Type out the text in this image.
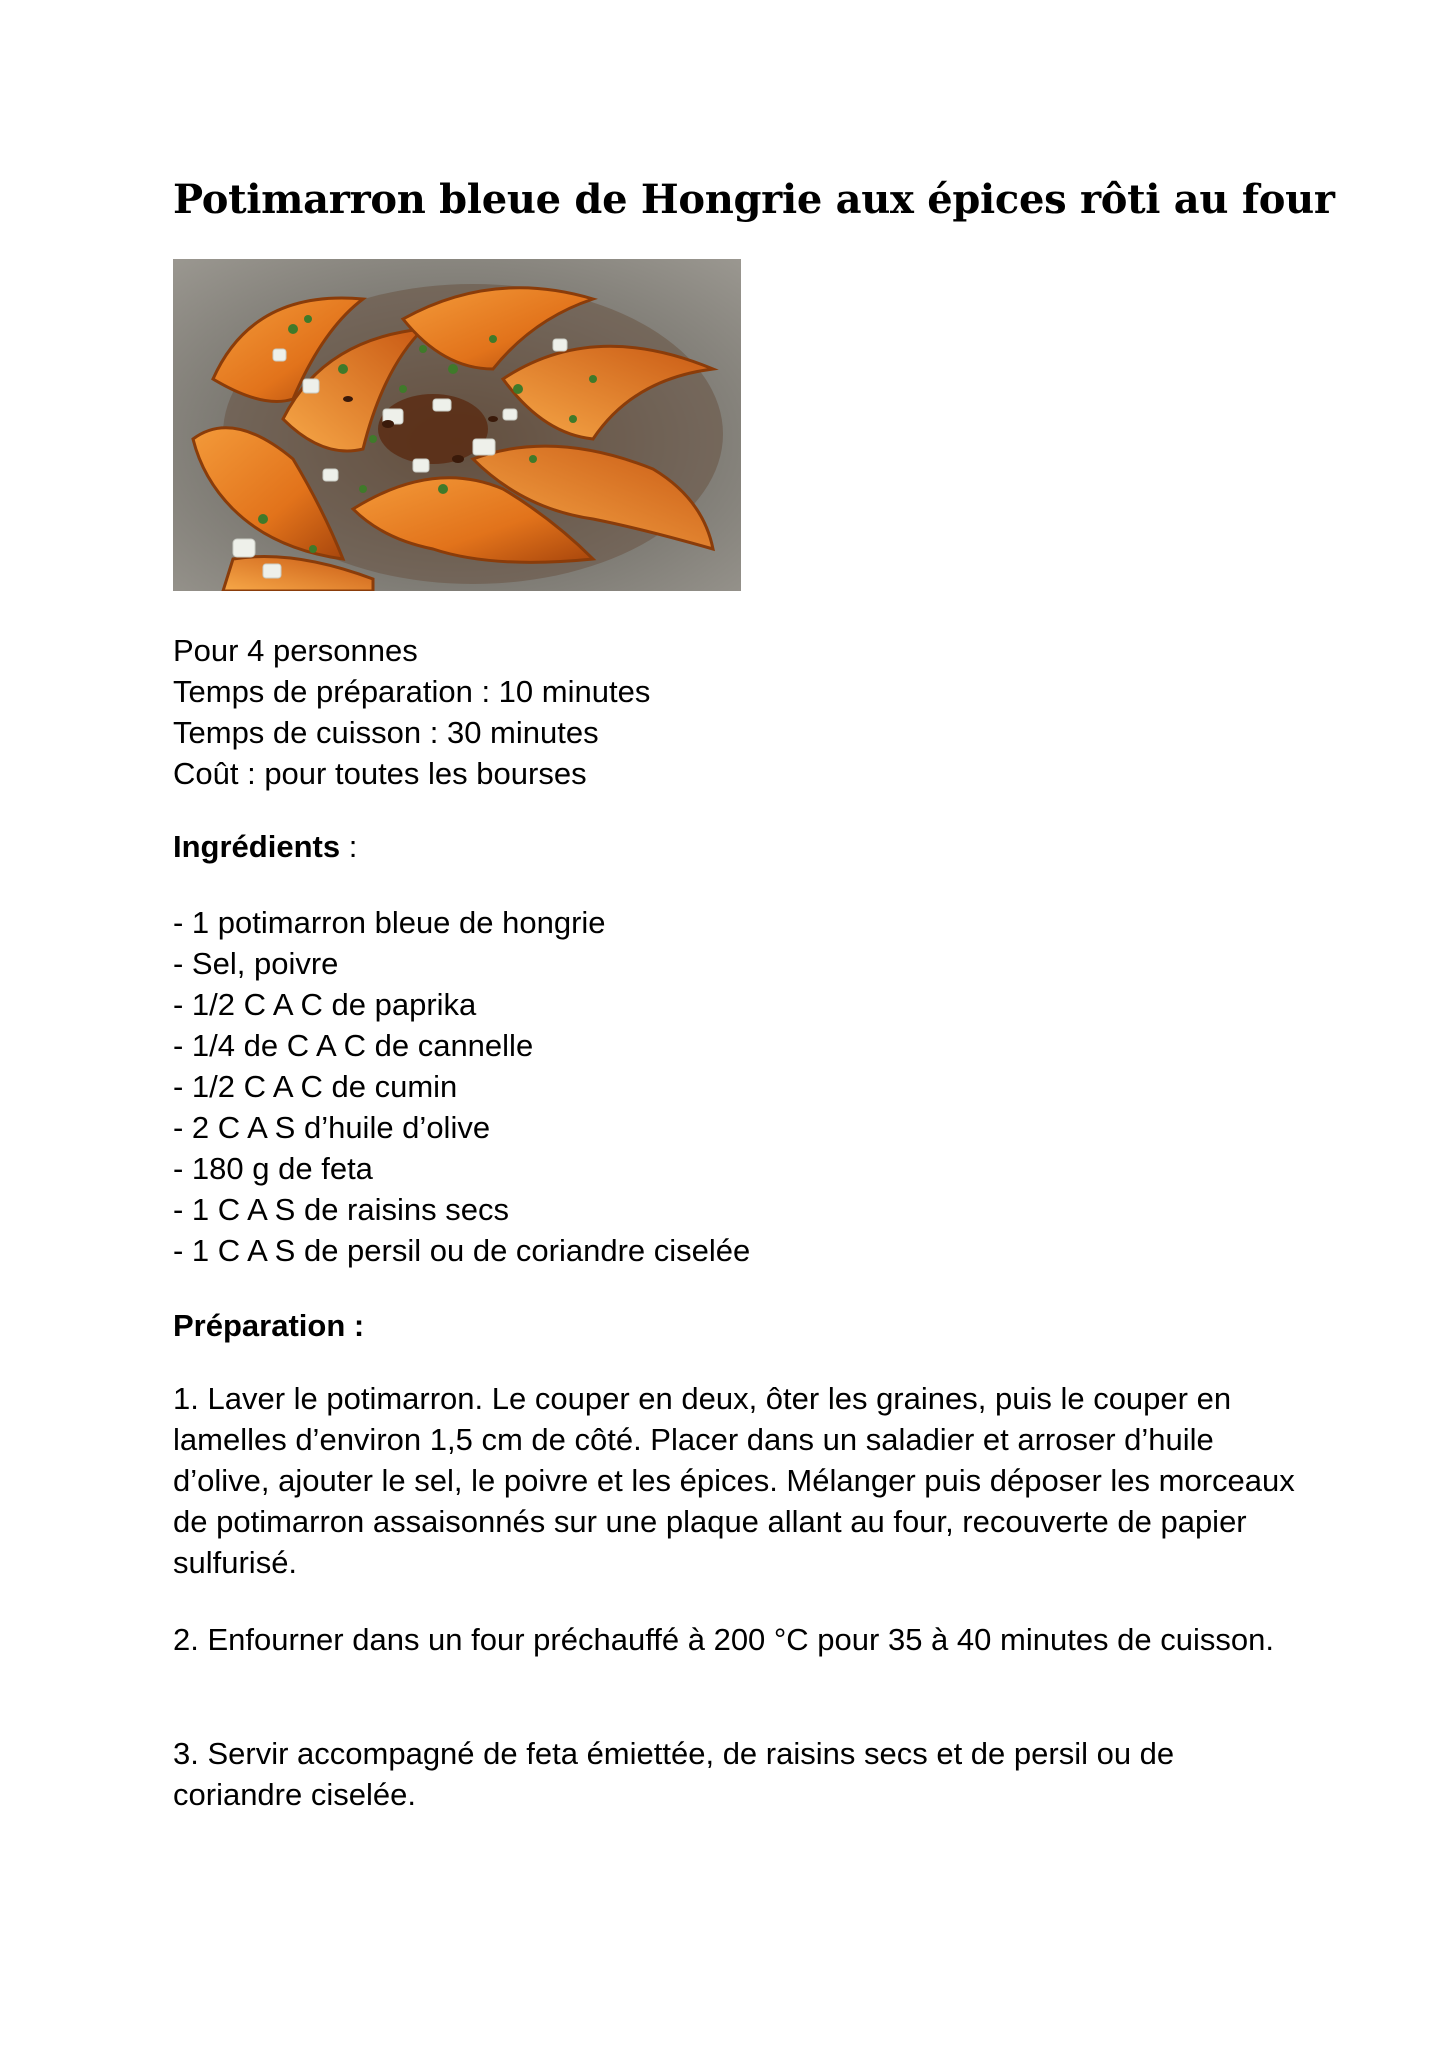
Potimarron bleue de Hongrie aux épices rôti au four
Pour 4 personnes
Temps de préparation : 10 minutes
Temps de cuisson : 30 minutes
Coût : pour toutes les bourses
Ingrédients :
- 1 potimarron bleue de hongrie
- Sel, poivre
- 1/2 C A C de paprika
- 1/4 de C A C de cannelle
- 1/2 C A C de cumin
- 2 C A S d’huile d’olive
- 180 g de feta
- 1 C A S de raisins secs
- 1 C A S de persil ou de coriandre ciselée
Préparation :

1. Laver le potimarron. Le couper en deux, ôter les graines, puis le couper en lamelles d’environ 1,5 cm de côté. Placer dans un saladier et arroser d’huile d’olive, ajouter le sel, le poivre et les épices. Mélanger puis déposer les morceaux de potimarron assaisonnés sur une plaque allant au four, recouverte de papier sulfurisé.

2. Enfourner dans un four préchauffé à 200 °C pour 35 à 40 minutes de cuisson.

3. Servir accompagné de feta émiettée, de raisins secs et de persil ou de coriandre ciselée.
